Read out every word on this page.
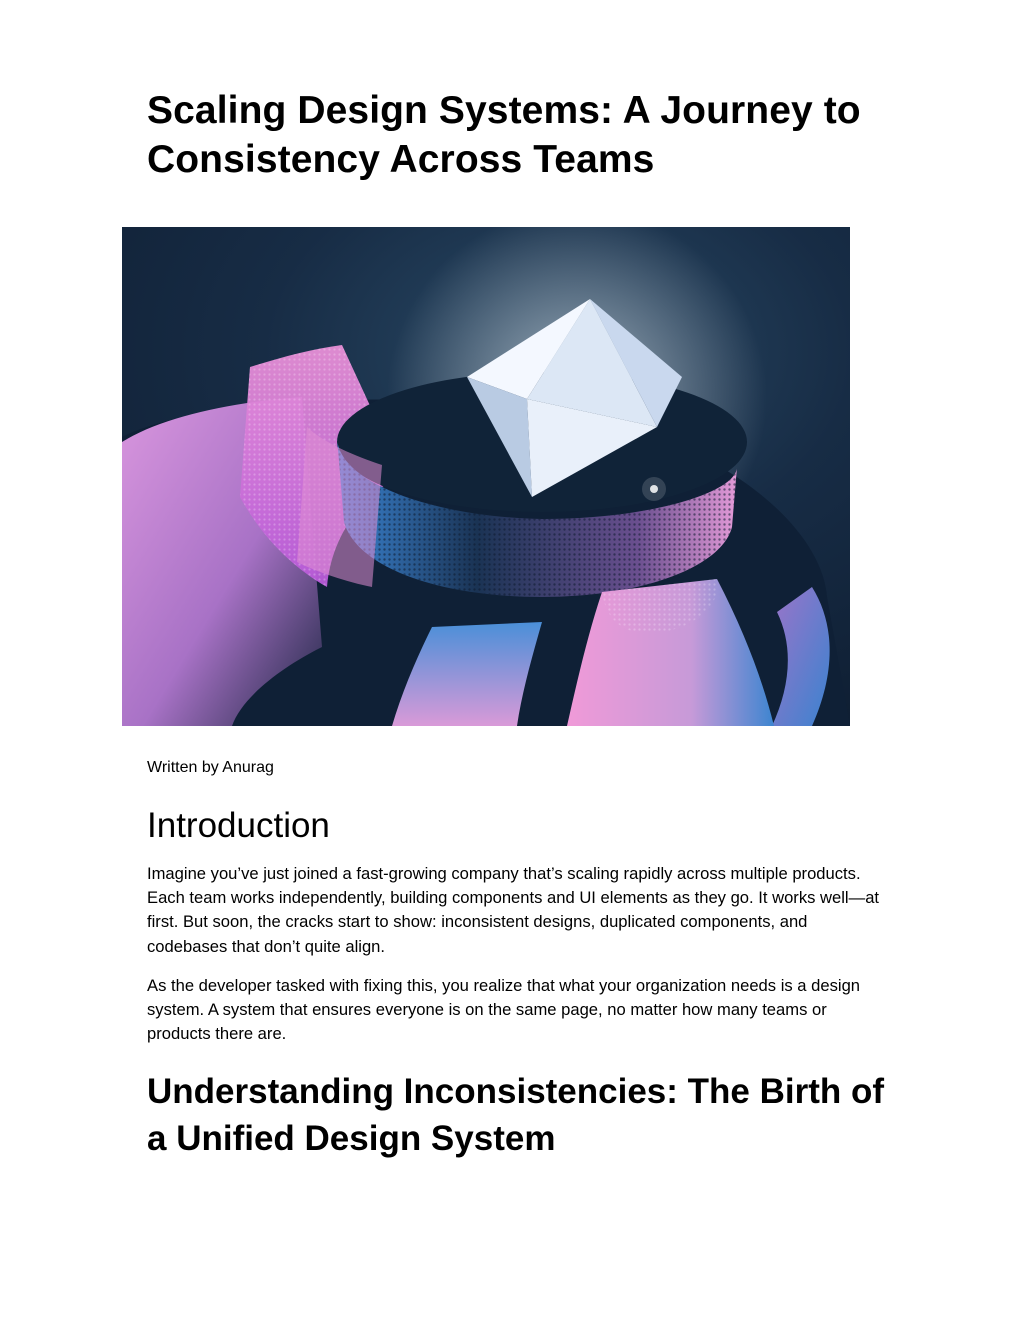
Scaling Design Systems: A Journey to Consistency Across Teams

Written by Anurag

Introduction

Imagine you’ve just joined a fast-growing company that’s scaling rapidly across multiple products. Each team works independently, building components and UI elements as they go. It works well—at first. But soon, the cracks start to show: inconsistent designs, duplicated components, and codebases that don’t quite align.

As the developer tasked with fixing this, you realize that what your organization needs is a design system. A system that ensures everyone is on the same page, no matter how many teams or products there are.

Understanding Inconsistencies: The Birth of a Unified Design System
